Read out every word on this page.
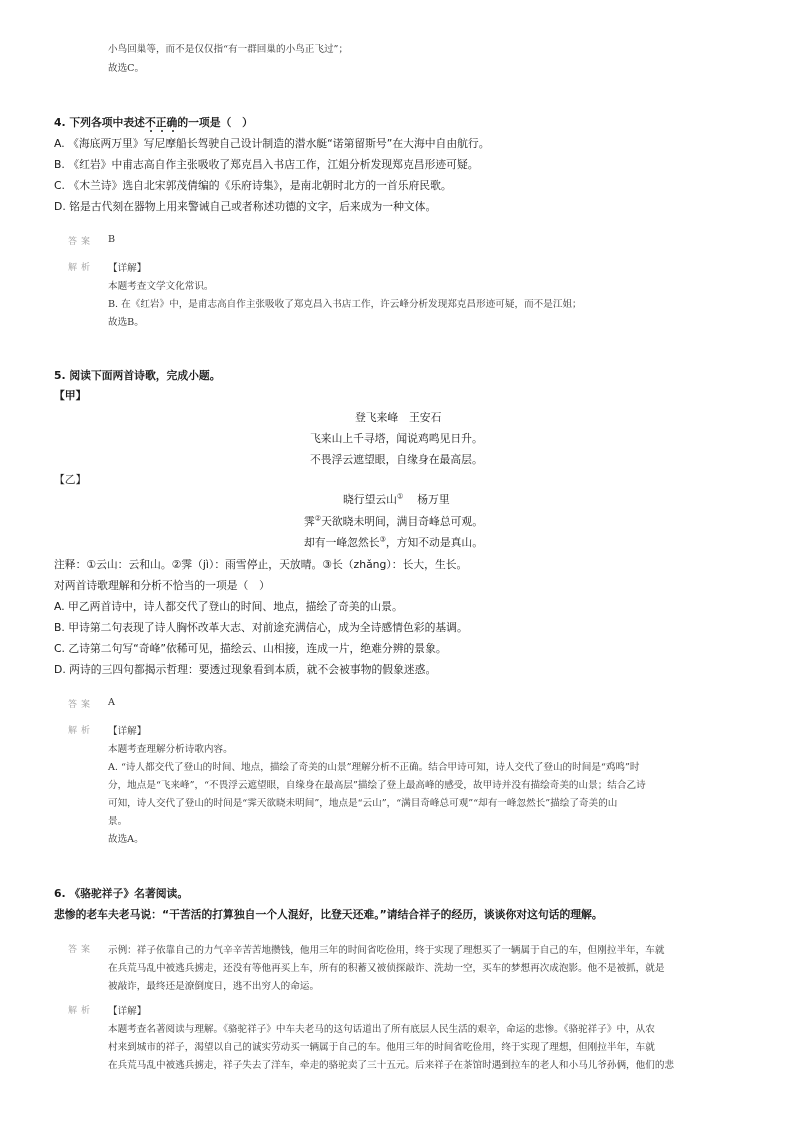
小鸟回巢等，而不是仅仅指“有一群回巢的小鸟正飞过”；
故选C。
4. 下列各项中表述不正确的一项是（　）
A. 《海底两万里》写尼摩船长驾驶自己设计制造的潜水艇“诺第留斯号”在大海中自由航行。
B. 《红岩》中甫志高自作主张吸收了郑克昌入书店工作，江姐分析发现郑克昌形迹可疑。
C. 《木兰诗》选自北宋郭茂倩编的《乐府诗集》，是南北朝时北方的一首乐府民歌。
D. 铭是古代刻在器物上用来警诫自己或者称述功德的文字，后来成为一种文体。
答案 B
解析 【详解】
本题考查文学文化常识。
B. 在《红岩》中，是甫志高自作主张吸收了郑克昌入书店工作，许云峰分析发现郑克昌形迹可疑，而不是江姐；
故选B。
5. 阅读下面两首诗歌，完成小题。
【甲】
登飞来峰　王安石
飞来山上千寻塔，闻说鸡鸣见日升。
不畏浮云遮望眼，自缘身在最高层。
【乙】
晓行望云山① 杨万里
霁②天欲晓未明间，满目奇峰总可观。
却有一峰忽然长③，方知不动是真山。
注释：①云山：云和山。②霁（jì）：雨雪停止，天放晴。③长（zhǎng）：长大，生长。
对两首诗歌理解和分析不恰当的一项是（　）
A. 甲乙两首诗中，诗人都交代了登山的时间、地点，描绘了奇美的山景。
B. 甲诗第二句表现了诗人胸怀改革大志、对前途充满信心，成为全诗感情色彩的基调。
C. 乙诗第二句写“奇峰”依稀可见，描绘云、山相接，连成一片，绝难分辨的景象。
D. 两诗的三四句都揭示哲理：要透过现象看到本质，就不会被事物的假象迷惑。
答案 A
解析 【详解】
本题考查理解分析诗歌内容。
A. “诗人都交代了登山的时间、地点，描绘了奇美的山景”理解分析不正确。结合甲诗可知，诗人交代了登山的时间是“鸡鸣”时
分，地点是“飞来峰”，“不畏浮云遮望眼，自缘身在最高层”描绘了登上最高峰的感受，故甲诗并没有描绘奇美的山景；结合乙诗
可知，诗人交代了登山的时间是“霁天欲晓未明间”，地点是“云山”，“满目奇峰总可观”“却有一峰忽然长”描绘了奇美的山
景。
故选A。
6. 《骆驼祥子》名著阅读。
悲惨的老车夫老马说：“干苦活的打算独自一个人混好，比登天还难。”请结合祥子的经历，谈谈你对这句话的理解。
答案 示例：祥子依靠自己的力气辛辛苦苦地攒钱，他用三年的时间省吃俭用，终于实现了理想买了一辆属于自己的车，但刚拉半年，车就
在兵荒马乱中被逃兵掳走，还没有等他再买上车，所有的积蓄又被侦探敲诈、洗劫一空，买车的梦想再次成泡影。他不是被抓，就是
被敲诈，最终还是潦倒度日，逃不出穷人的命运。
解析 【详解】
本题考查名著阅读与理解。《骆驼祥子》中车夫老马的这句话道出了所有底层人民生活的艰辛，命运的悲惨。《骆驼祥子》中，从农
村来到城市的祥子，渴望以自己的诚实劳动买一辆属于自己的车。他用三年的时间省吃俭用，终于实现了理想，但刚拉半年，车就
在兵荒马乱中被逃兵掳走，祥子失去了洋车，牵走的骆驼卖了三十五元。后来祥子在茶馆时遇到拉车的老人和小马儿爷孙俩，他们的悲
